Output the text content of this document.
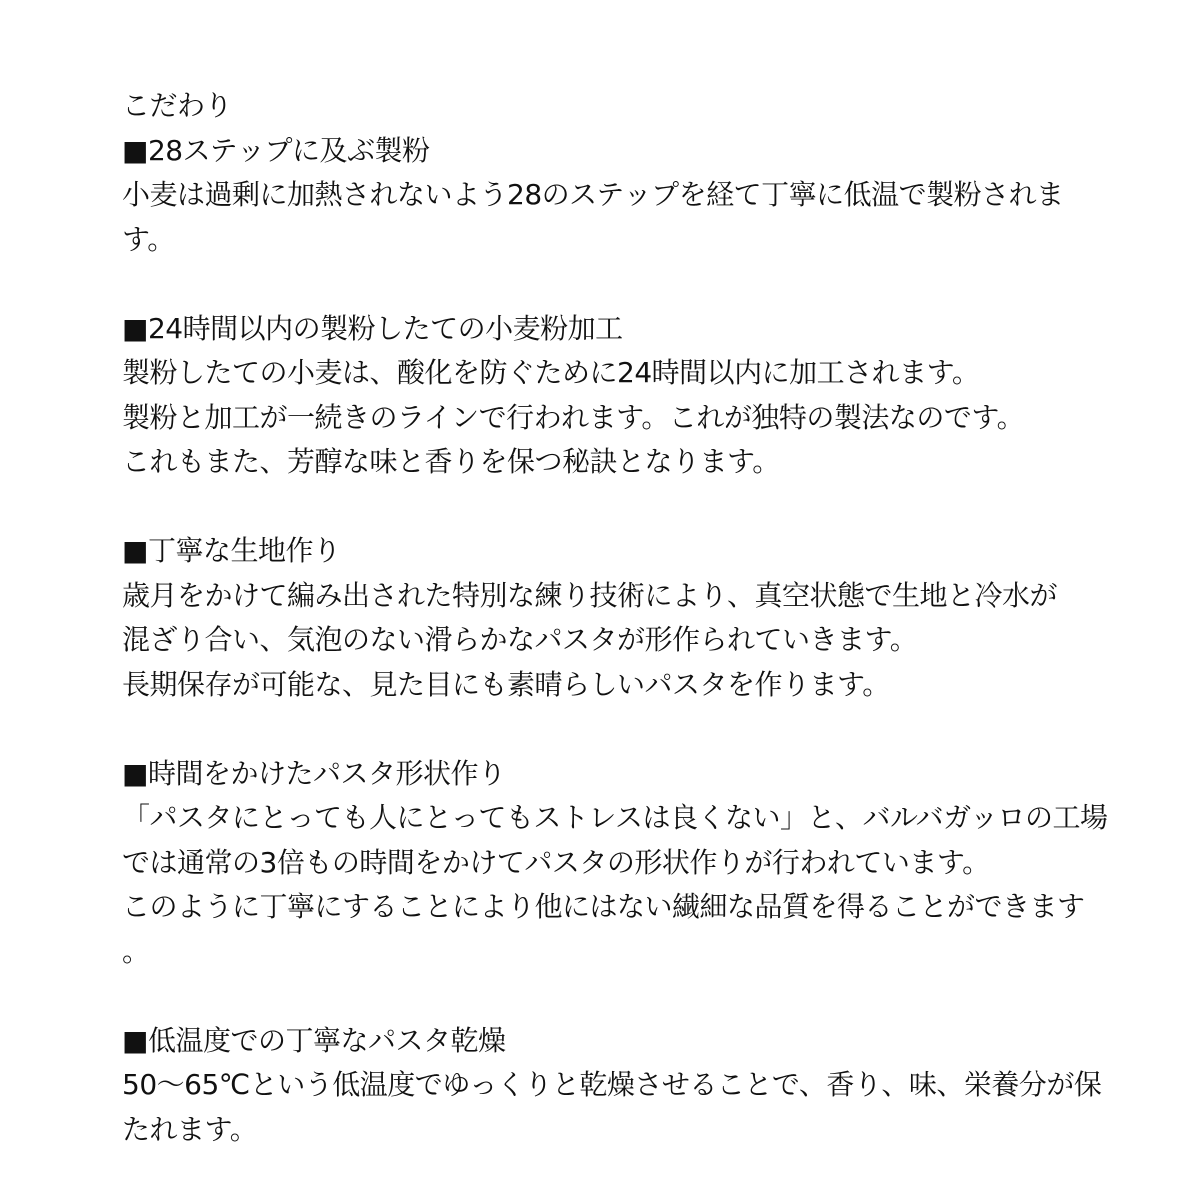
こだわり
■28ステップに及ぶ製粉
小麦は過剰に加熱されないよう28のステップを経て丁寧に低温で製粉されま
す。
■24時間以内の製粉したての小麦粉加工
製粉したての小麦は、酸化を防ぐために24時間以内に加工されます。
製粉と加工が一続きのラインで行われます。これが独特の製法なのです。
これもまた、芳醇な味と香りを保つ秘訣となります。
■丁寧な生地作り
歳月をかけて編み出された特別な練り技術により、真空状態で生地と冷水が
混ざり合い、気泡のない滑らかなパスタが形作られていきます。
長期保存が可能な、見た目にも素晴らしいパスタを作ります。
■時間をかけたパスタ形状作り
「パスタにとっても人にとってもストレスは良くない」と、バルバガッロの工場
では通常の3倍もの時間をかけてパスタの形状作りが行われています。
このように丁寧にすることにより他にはない繊細な品質を得ることができます
。
■低温度での丁寧なパスタ乾燥
50～65℃という低温度でゆっくりと乾燥させることで、香り、味、栄養分が保
たれます。
